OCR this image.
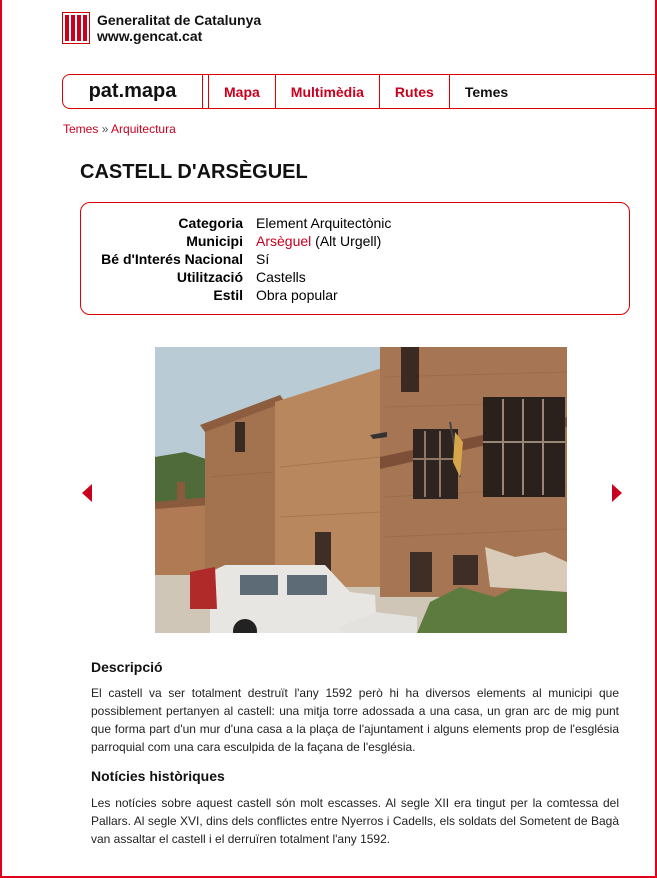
Generalitat de Catalunya
www.gencat.cat
pat.mapa	Mapa	Multimèdia	Rutes	Temes
Temes » Arquitectura
CASTELL D'ARSÈGUEL
Categoria Element Arquitectònic
Municipi Arsèguel (Alt Urgell)
Bé d'Interés Nacional Sí
Utilització Castells
Estil Obra popular
Descripció

El castell va ser totalment destruït l'any 1592 però hi ha diversos elements al municipi que possiblement pertanyen al castell: una mitja torre adossada a una casa, un gran arc de mig punt que forma part d'un mur d'una casa a la plaça de l'ajuntament i alguns elements prop de l'església parroquial com una cara esculpida de la façana de l'església.

Notícies històriques

Les notícies sobre aquest castell són molt escasses. Al segle XII era tingut per la comtessa del Pallars. Al segle XVI, dins dels conflictes entre Nyerros i Cadells, els soldats del Sometent de Bagà van assaltar el castell i el derruïren totalment l'any 1592.
